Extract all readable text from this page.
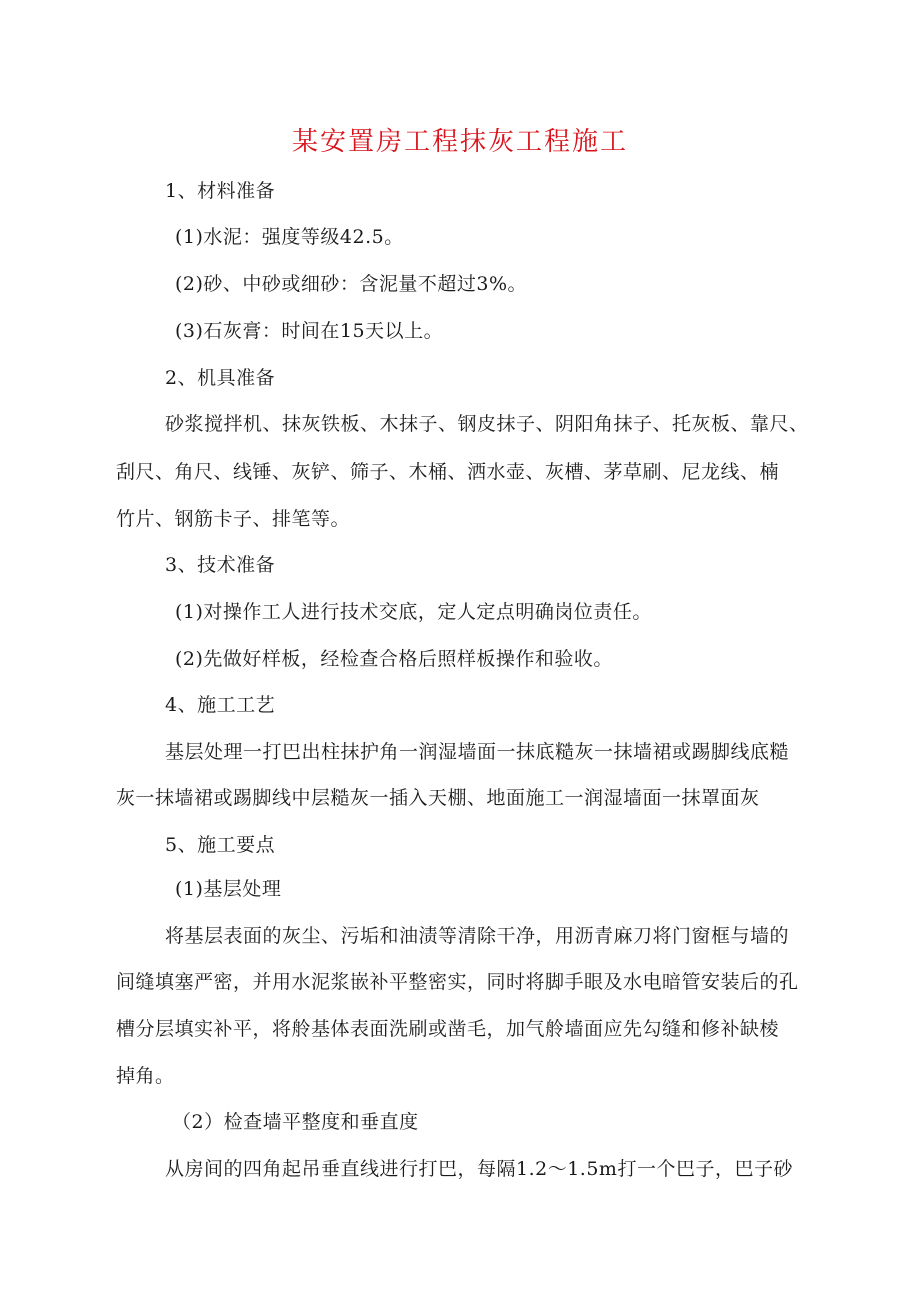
某安置房工程抹灰工程施工
1、材料准备
(1)水泥：强度等级42.5。
(2)砂、中砂或细砂：含泥量不超过3%。
(3)石灰膏：时间在15天以上。
2、机具准备
砂浆搅拌机、抹灰铁板、木抹子、钢皮抹子、阴阳角抹子、托灰板、靠尺、
刮尺、角尺、线锤、灰铲、筛子、木桶、洒水壶、灰槽、茅草刷、尼龙线、楠
竹片、钢筋卡子、排笔等。
3、技术准备
(1)对操作工人进行技术交底，定人定点明确岗位责任。
(2)先做好样板，经检查合格后照样板操作和验收。
4、施工工艺
基层处理一打巴出柱抹护角一润湿墙面一抹底糙灰一抹墙裙或踢脚线底糙
灰一抹墙裙或踢脚线中层糙灰一插入天棚、地面施工一润湿墙面一抹罩面灰
5、施工要点
(1)基层处理
将基层表面的灰尘、污垢和油渍等清除干净，用沥青麻刀将门窗框与墙的
间缝填塞严密，并用水泥浆嵌补平整密实，同时将脚手眼及水电暗管安装后的孔
槽分层填实补平，将舲基体表面洗刷或凿毛，加气舲墙面应先勾缝和修补缺棱
掉角。
（2）检查墙平整度和垂直度
从房间的四角起吊垂直线进行打巴，每隔1.2～1.5m打一个巴子，巴子砂
